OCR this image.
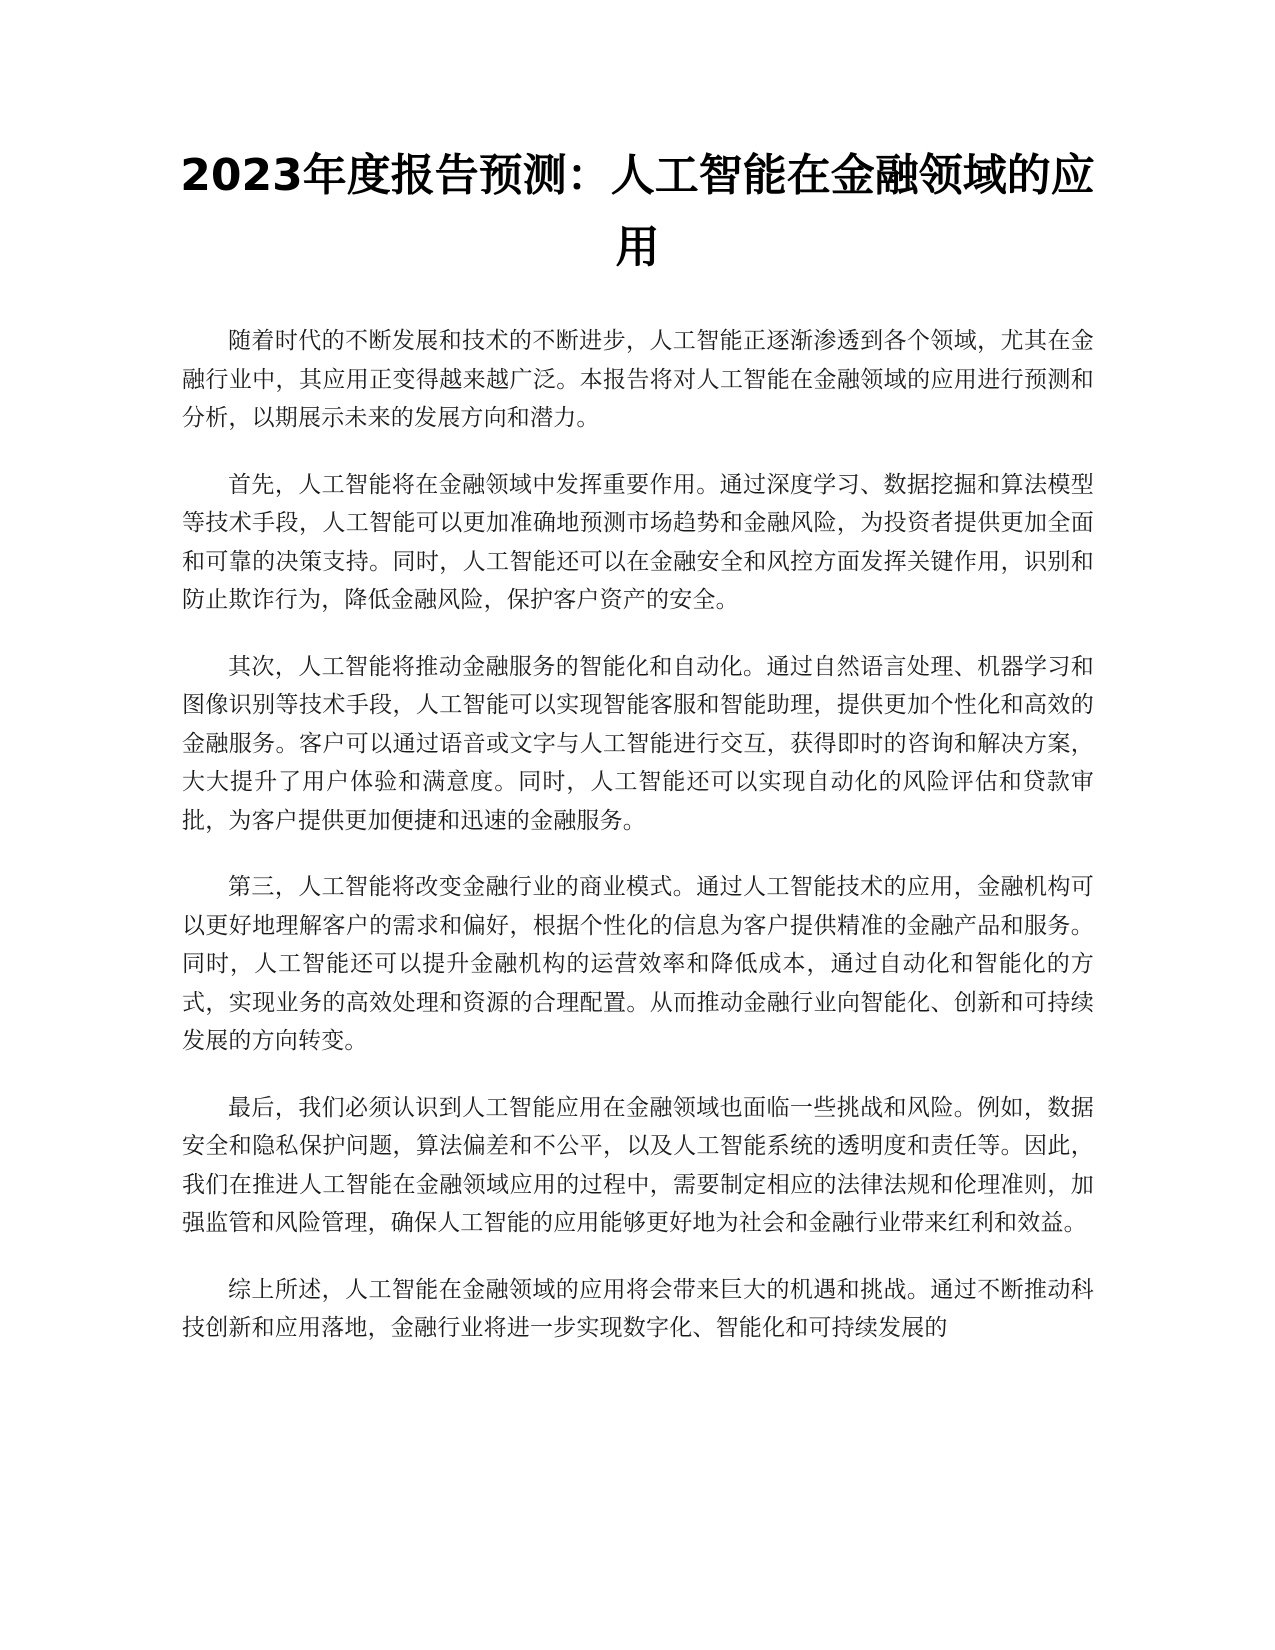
2023年度报告预测：人工智能在金融领域的应用

随着时代的不断发展和技术的不断进步，人工智能正逐渐渗透到各个领域，尤其在金融行业中，其应用正变得越来越广泛。本报告将对人工智能在金融领域的应用进行预测和分析，以期展示未来的发展方向和潜力。

首先，人工智能将在金融领域中发挥重要作用。通过深度学习、数据挖掘和算法模型等技术手段，人工智能可以更加准确地预测市场趋势和金融风险，为投资者提供更加全面和可靠的决策支持。同时，人工智能还可以在金融安全和风控方面发挥关键作用，识别和防止欺诈行为，降低金融风险，保护客户资产的安全。

其次，人工智能将推动金融服务的智能化和自动化。通过自然语言处理、机器学习和图像识别等技术手段，人工智能可以实现智能客服和智能助理，提供更加个性化和高效的金融服务。客户可以通过语音或文字与人工智能进行交互，获得即时的咨询和解决方案，大大提升了用户体验和满意度。同时，人工智能还可以实现自动化的风险评估和贷款审批，为客户提供更加便捷和迅速的金融服务。

第三，人工智能将改变金融行业的商业模式。通过人工智能技术的应用，金融机构可以更好地理解客户的需求和偏好，根据个性化的信息为客户提供精准的金融产品和服务。同时，人工智能还可以提升金融机构的运营效率和降低成本，通过自动化和智能化的方式，实现业务的高效处理和资源的合理配置。从而推动金融行业向智能化、创新和可持续发展的方向转变。

最后，我们必须认识到人工智能应用在金融领域也面临一些挑战和风险。例如，数据安全和隐私保护问题，算法偏差和不公平，以及人工智能系统的透明度和责任等。因此，我们在推进人工智能在金融领域应用的过程中，需要制定相应的法律法规和伦理准则，加强监管和风险管理，确保人工智能的应用能够更好地为社会和金融行业带来红利和效益。

综上所述，人工智能在金融领域的应用将会带来巨大的机遇和挑战。通过不断推动科技创新和应用落地，金融行业将进一步实现数字化、智能化和可持续发展的
